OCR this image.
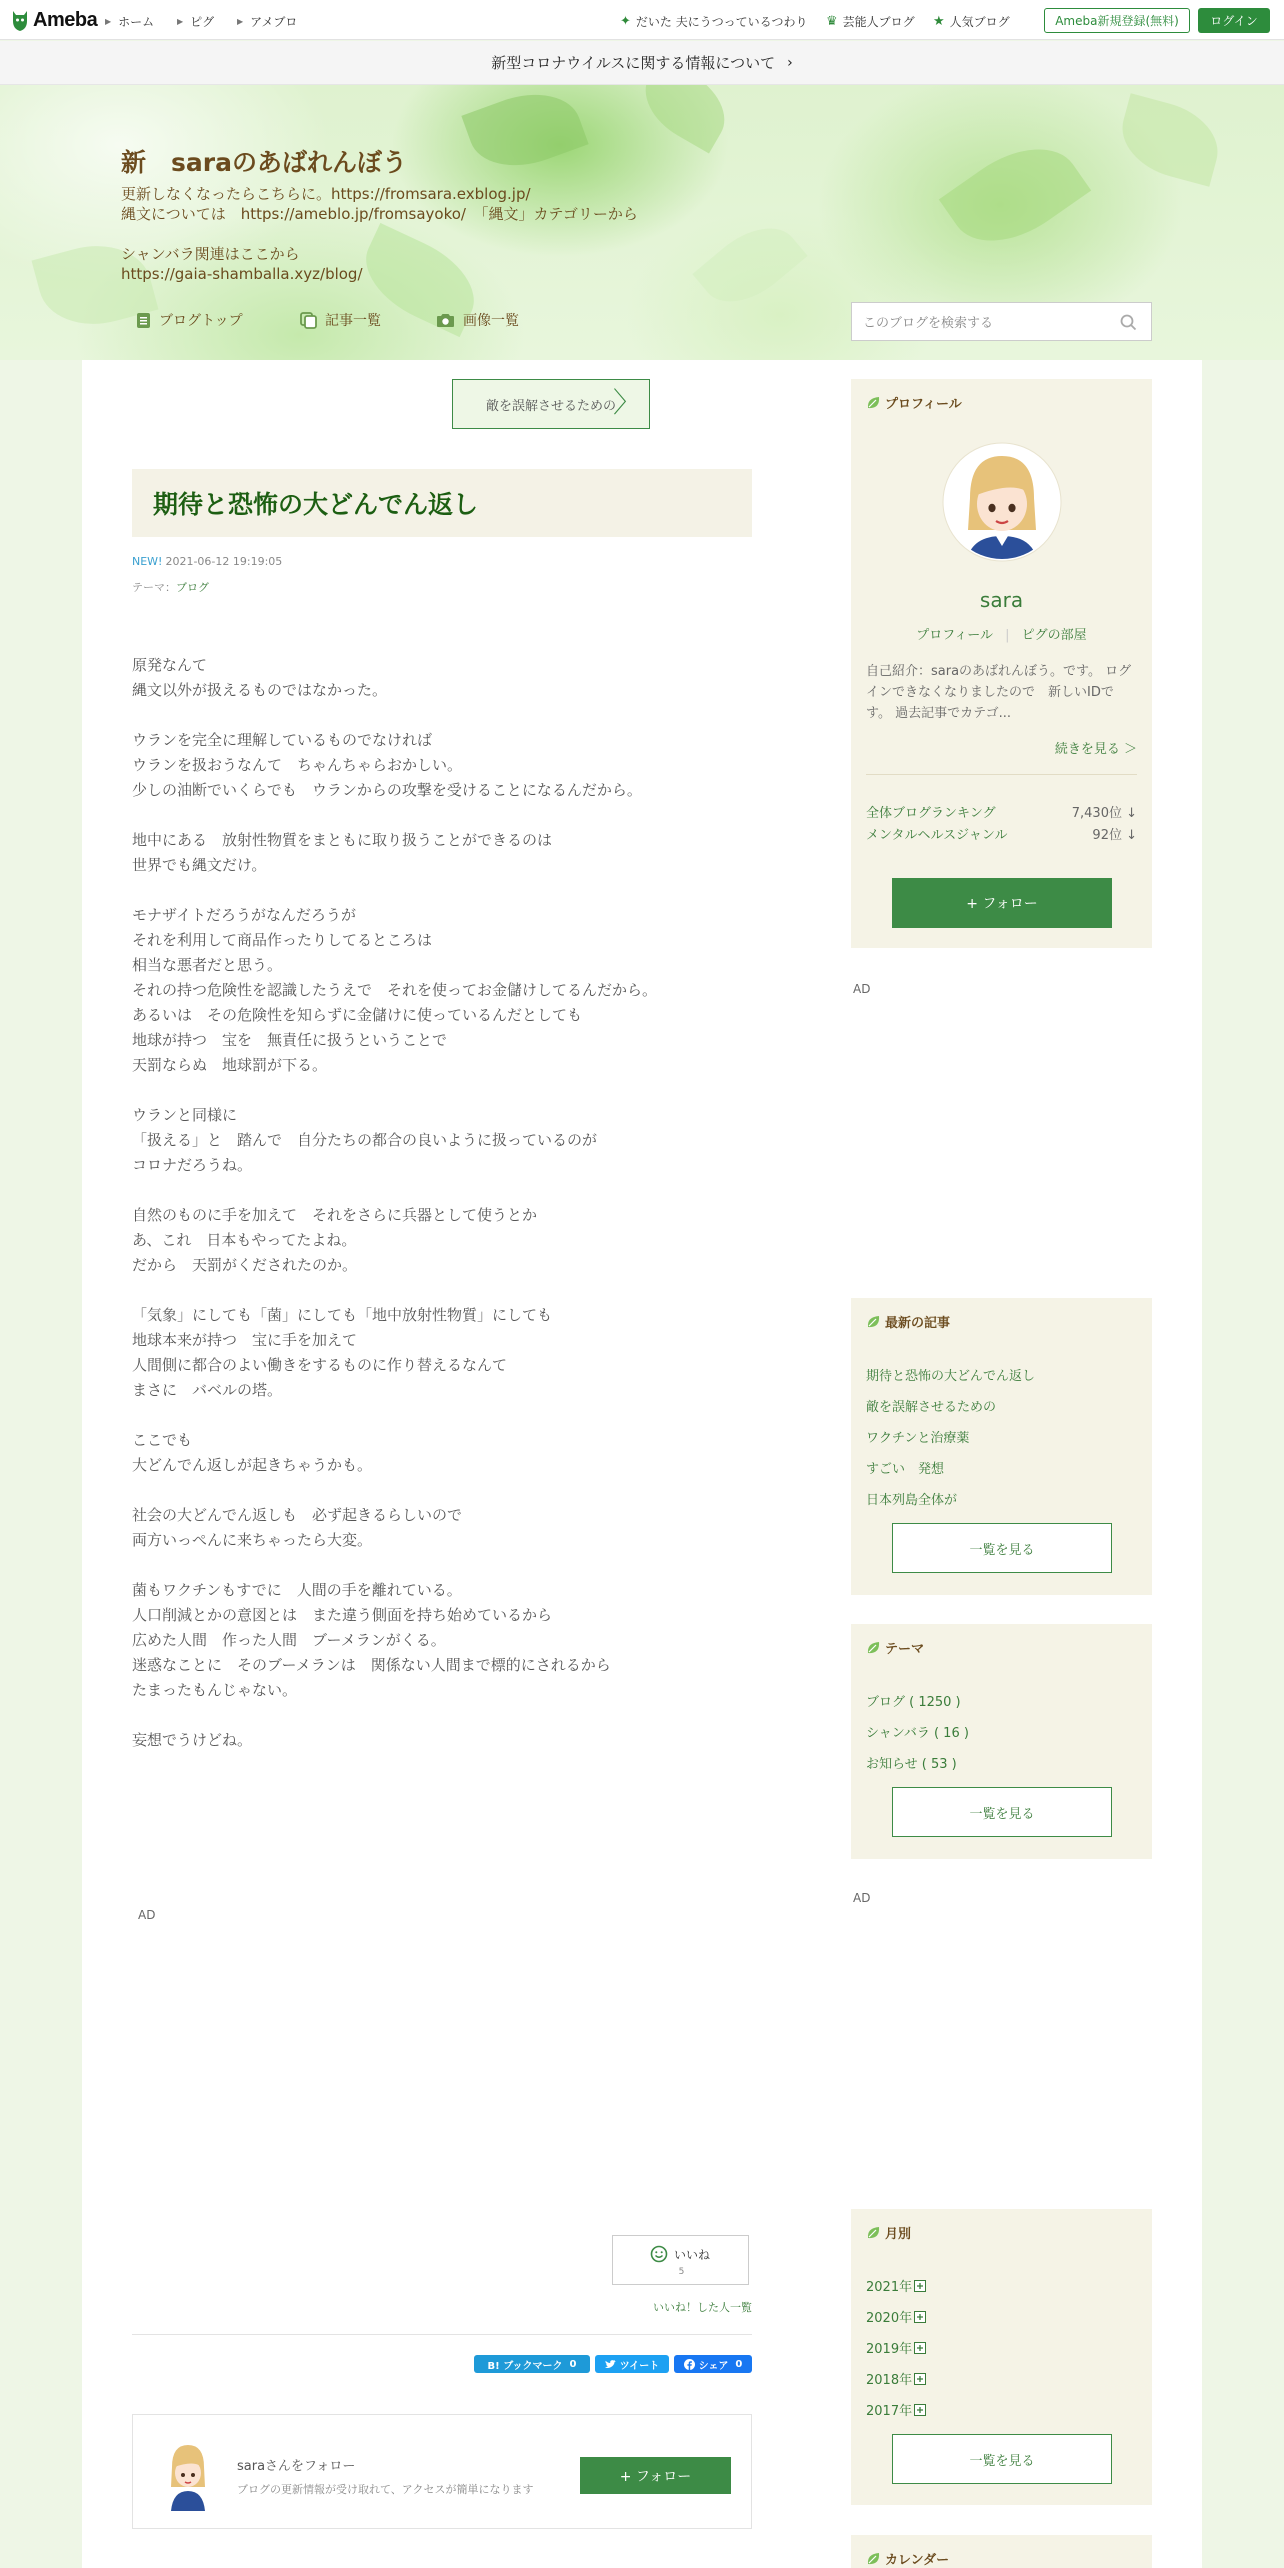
Ameba ▶ ホーム	▶ ピグ	▶ アメブロ	✦ だいた 夫にうつっているつわり ♛ 芸能人ブログ ★ 人気ブログ	Ameba新規登録(無料)	ログイン
新型コロナウイルスに関する情報について ›
新　saraのあばれんぼう
更新しなくなったらこちらに。https://fromsara.exblog.jp/
縄文については　https://ameblo.jp/fromsayoko/　「縄文」カテゴリーから

シャンバラ関連はここから
https://gaia-shamballa.xyz/blog/
ブログトップ	記事一覧	画像一覧	このブログを検索する
敵を誤解させるための
〉
期待と恐怖の大どんでん返し
NEW! 2021-06-12 19:19:05
テーマ：ブログ
原発なんて
縄文以外が扱えるものではなかった。

ウランを完全に理解しているものでなければ
ウランを扱おうなんて　ちゃんちゃらおかしい。
少しの油断でいくらでも　ウランからの攻撃を受けることになるんだから。

地中にある　放射性物質をまともに取り扱うことができるのは
世界でも縄文だけ。

モナザイトだろうがなんだろうが
それを利用して商品作ったりしてるところは
相当な悪者だと思う。
それの持つ危険性を認識したうえで　それを使ってお金儲けしてるんだから。
あるいは　その危険性を知らずに金儲けに使っているんだとしても
地球が持つ　宝を　無責任に扱うということで
天罰ならぬ　地球罰が下る。

ウランと同様に
「扱える」と　踏んで　自分たちの都合の良いように扱っているのが
コロナだろうね。

自然のものに手を加えて　それをさらに兵器として使うとか
あ、これ　日本もやってたよね。
だから　天罰がくだされたのか。

「気象」にしても「菌」にしても「地中放射性物質」にしても
地球本来が持つ　宝に手を加えて
人間側に都合のよい働きをするものに作り替えるなんて
まさに　バベルの塔。

ここでも
大どんでん返しが起きちゃうかも。

社会の大どんでん返しも　必ず起きるらしいので
両方いっぺんに来ちゃったら大変。

菌もワクチンもすでに　人間の手を離れている。
人口削減とかの意図とは　また違う側面を持ち始めているから
広めた人間　作った人間　ブーメランがくる。
迷惑なことに　そのブーメランは　関係ない人間まで標的にされるから
たまったもんじゃない。

妄想でうけどね。
AD
いいね
5
いいね！した人一覧
B! ブックマーク
0	ツイート	シェア
0
saraさんをフォロー
ブログの更新情報が受け取れて、アクセスが簡単になります
+ フォロー
プロフィール
sara
プロフィール | ピグの部屋
自己紹介：saraのあばれんぼう。です。 ログインできなくなりましたので　新しいIDです。 過去記事でカテゴ...
続きを見る ＞
全体ブログランキング	7,430位 ↓
メンタルヘルスジャンル	92位 ↓
+ フォロー
AD
最新の記事
期待と恐怖の大どんでん返し
敵を誤解させるための
ワクチンと治療薬
すごい　発想
日本列島全体が
一覧を見る
テーマ
ブログ ( 1250 )
シャンバラ ( 16 )
お知らせ ( 53 )
一覧を見る
AD
月別
2021年
2020年
2019年
2018年
2017年
一覧を見る
カレンダー
